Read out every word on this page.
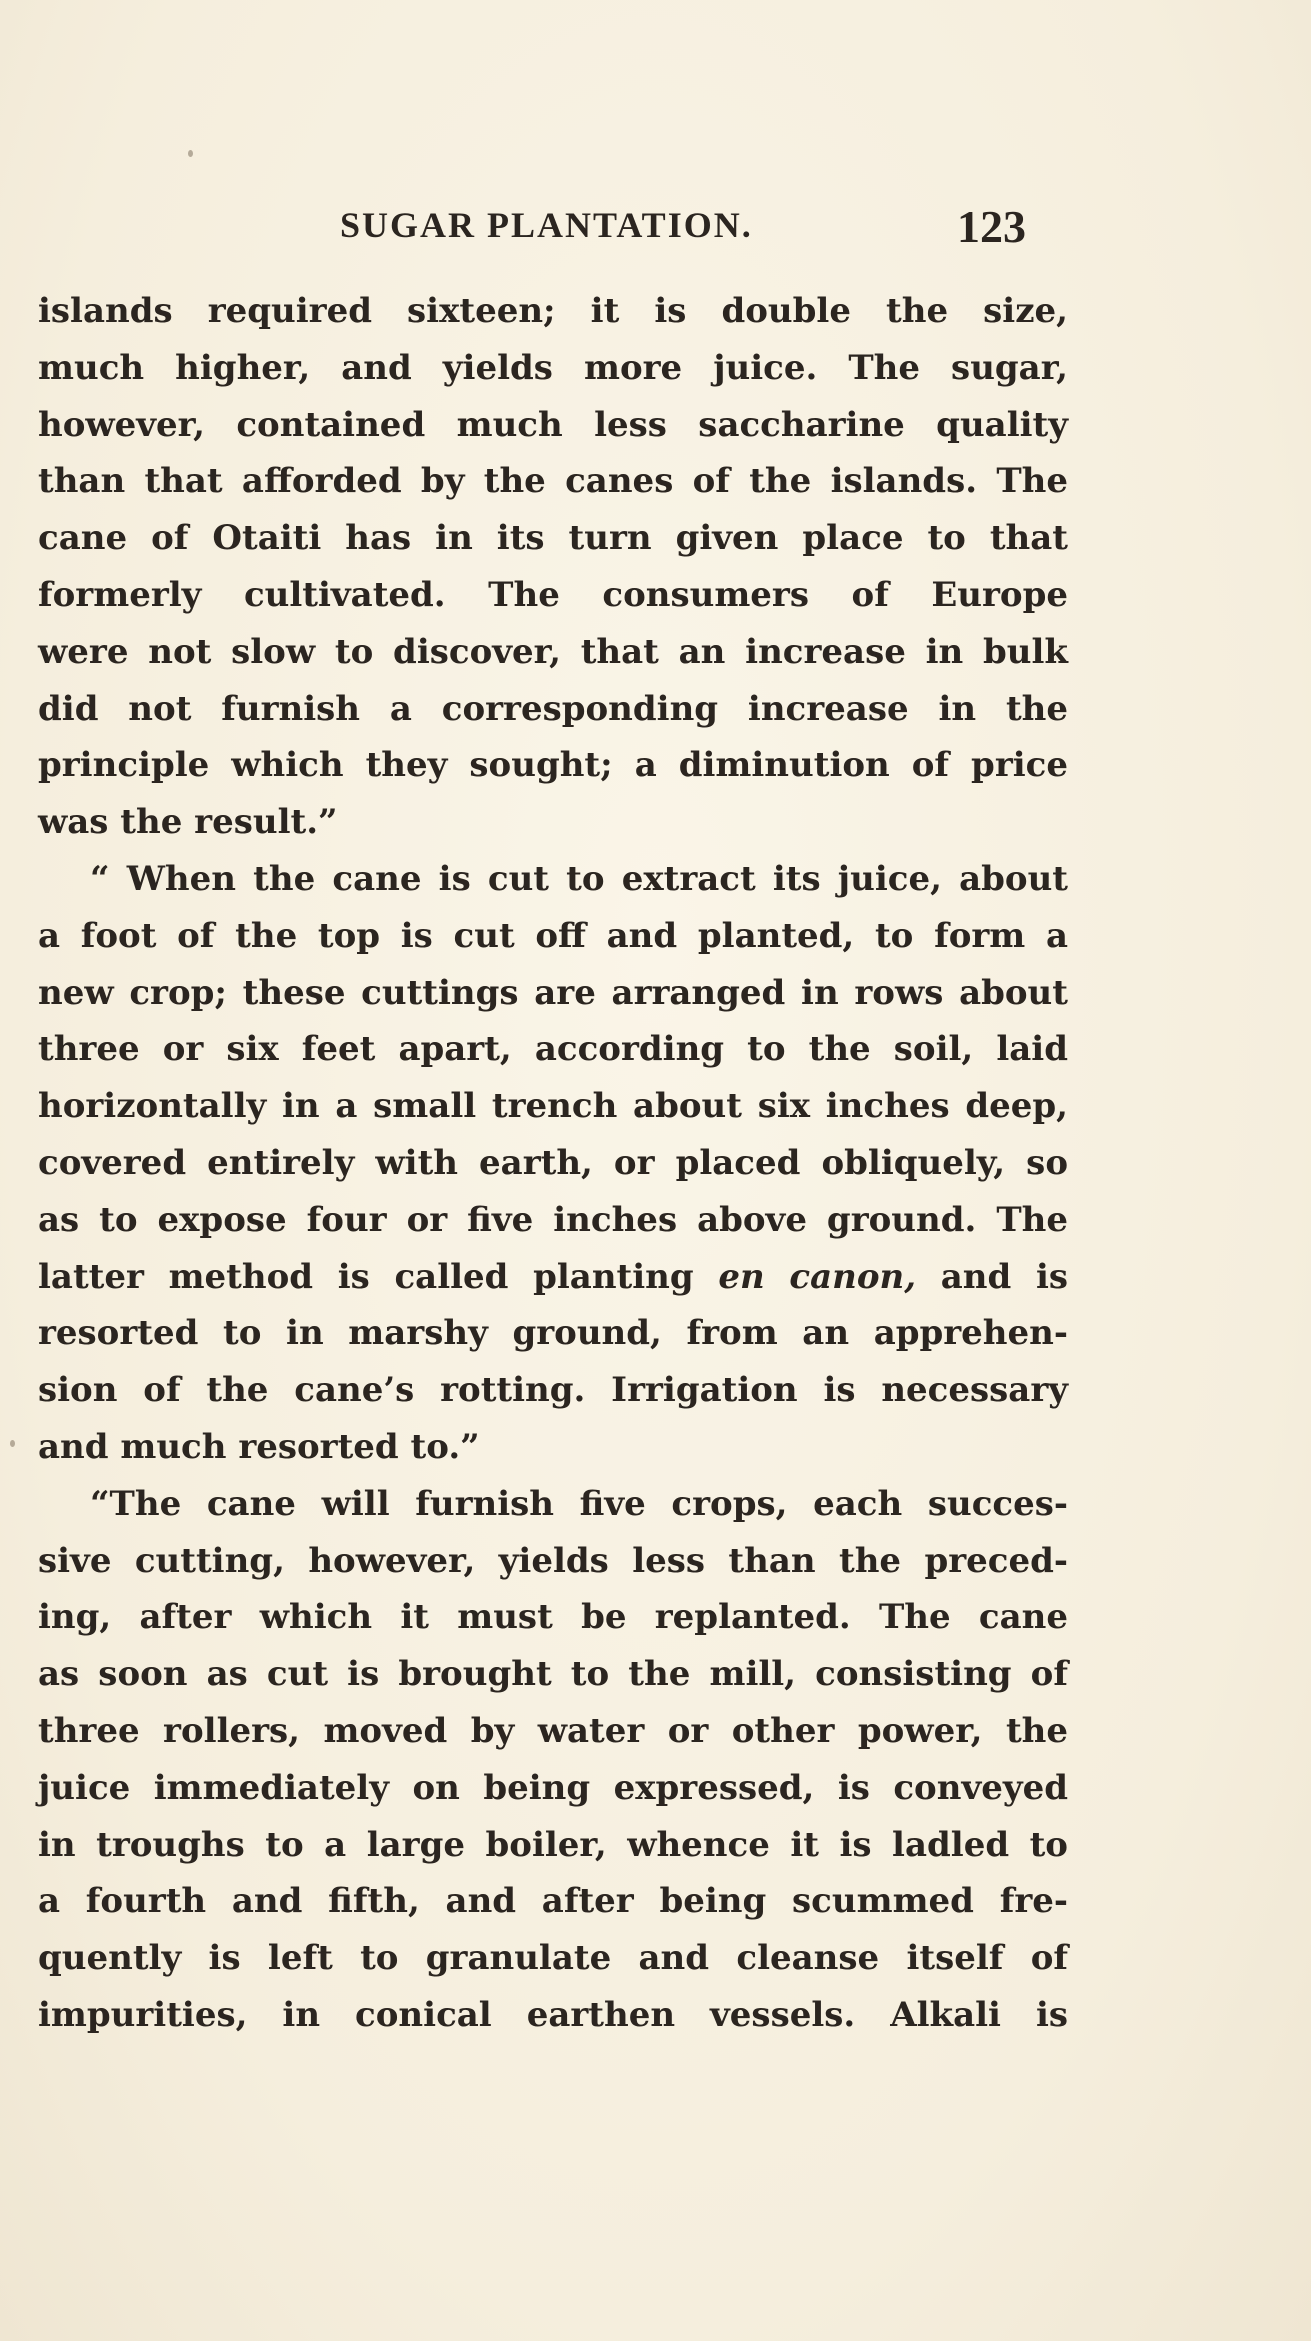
SUGAR PLANTATION.	123
islands required sixteen; it is double the size,
much higher, and yields more juice. The sugar,
however, contained much less saccharine quality
than that afforded by the canes of the islands. The
cane of Otaiti has in its turn given place to that
formerly cultivated. The consumers of Europe
were not slow to discover, that an increase in bulk
did not furnish a corresponding increase in the
principle which they sought; a diminution of price
was the result.”
“ When the cane is cut to extract its juice, about
a foot of the top is cut off and planted, to form a
new crop; these cuttings are arranged in rows about
three or six feet apart, according to the soil, laid
horizontally in a small trench about six inches deep,
covered entirely with earth, or placed obliquely, so
as to expose four or five inches above ground. The
latter method is called planting en canon, and is
resorted to in marshy ground, from an apprehen-
sion of the cane’s rotting. Irrigation is necessary
and much resorted to.”
“The cane will furnish five crops, each succes-
sive cutting, however, yields less than the preced-
ing, after which it must be replanted. The cane
as soon as cut is brought to the mill, consisting of
three rollers, moved by water or other power, the
juice immediately on being expressed, is conveyed
in troughs to a large boiler, whence it is ladled to
a fourth and fifth, and after being scummed fre-
quently is left to granulate and cleanse itself of
impurities, in conical earthen vessels. Alkali is
